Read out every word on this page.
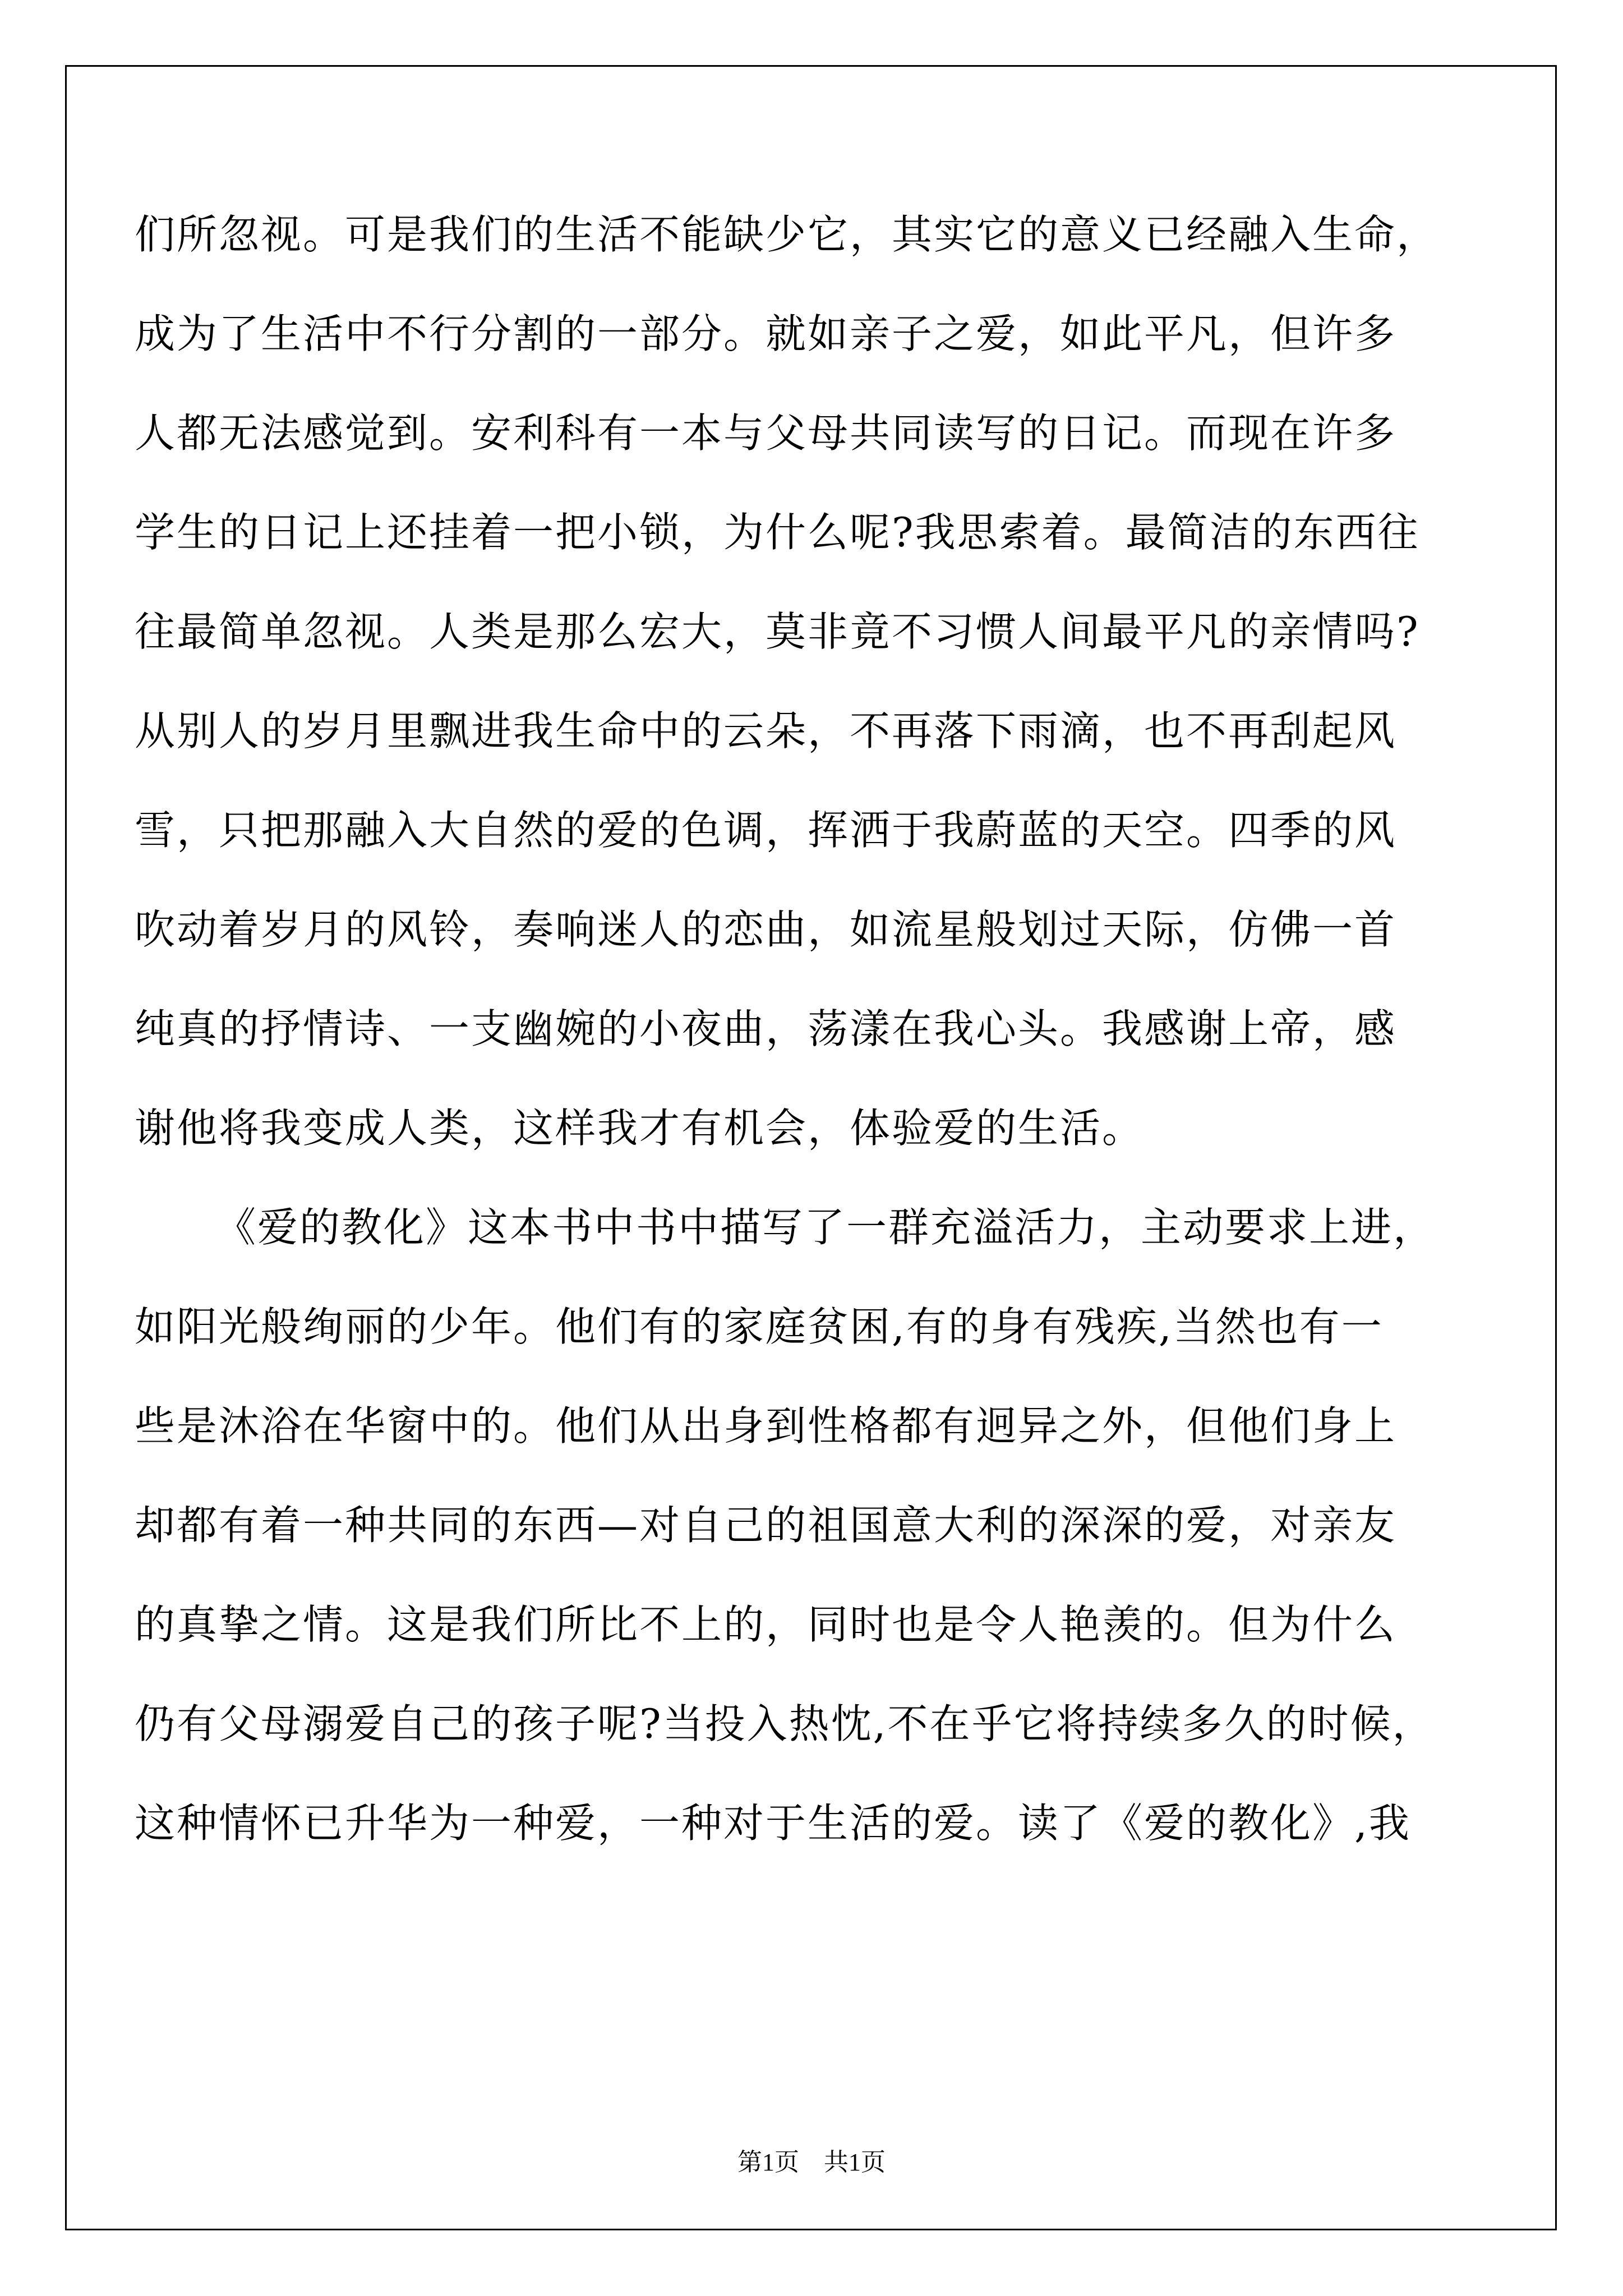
们所忽视。可是我们的生活不能缺少它，其实它的意义已经融入生命，
成为了生活中不行分割的一部分。就如亲子之爱，如此平凡，但许多
人都无法感觉到。安利科有一本与父母共同读写的日记。而现在许多
学生的日记上还挂着一把小锁，为什么呢?我思索着。最简洁的东西往
往最简单忽视。人类是那么宏大，莫非竟不习惯人间最平凡的亲情吗?
从别人的岁月里飘进我生命中的云朵，不再落下雨滴，也不再刮起风
雪，只把那融入大自然的爱的色调，挥洒于我蔚蓝的天空。四季的风
吹动着岁月的风铃，奏响迷人的恋曲，如流星般划过天际，仿佛一首
纯真的抒情诗、一支幽婉的小夜曲，荡漾在我心头。我感谢上帝，感
谢他将我变成人类，这样我才有机会，体验爱的生活。
《爱的教化》这本书中书中描写了一群充溢活力，主动要求上进，
如阳光般绚丽的少年。他们有的家庭贫困,有的身有残疾,当然也有一
些是沐浴在华窗中的。他们从出身到性格都有迥异之外，但他们身上
却都有着一种共同的东西—对自己的祖国意大利的深深的爱，对亲友
的真挚之情。这是我们所比不上的，同时也是令人艳羡的。但为什么
仍有父母溺爱自己的孩子呢?当投入热忱,不在乎它将持续多久的时候，
这种情怀已升华为一种爱，一种对于生活的爱。读了《爱的教化》,我
第1页　共1页
